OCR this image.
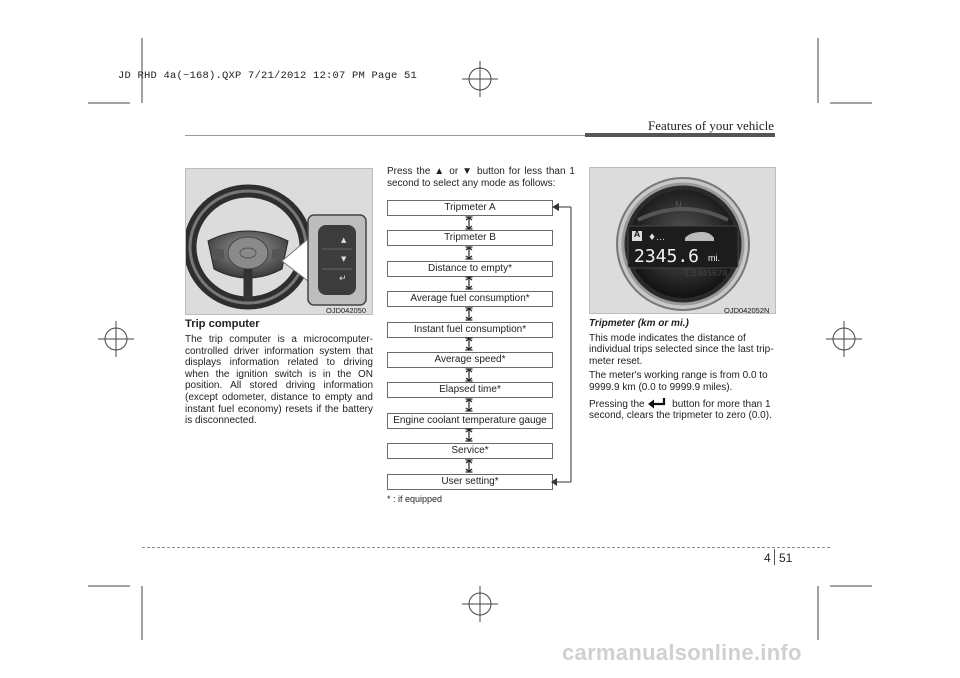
JD RHD 4a(~168).QXP 7/21/2012 12:07 PM Page 51
Features of your vehicle
▲
▼
↵
OJD042050
Trip computer

The trip computer is a microcomputer-controlled driver information system that displays information related to driving when the ignition switch is in the ON position. All stored driving information (except odometer, distance to empty and instant fuel economy) resets if the battery is disconnected.

Press the ▲ or ▼ button for less than 1 second to select any mode as follows:
Tripmeter A
Tripmeter B
Distance to empty*
Average fuel consumption*
Instant fuel consumption*
Average speed*
Elapsed time*
Engine coolant temperature gauge
Service*
User setting*
* : if equipped
N
♦…
1:2345678
A
2345.6 mi.
OJD042052N

Tripmeter (km or mi.)

This mode indicates the distance of individual trips selected since the last trip-meter reset.

The meter's working range is from 0.0 to 9999.9 km (0.0 to 9999.9 miles).

Pressing the	button for more than 1 second, clears the tripmeter to zero (0.0).

4 51
carmanualsonline.info
